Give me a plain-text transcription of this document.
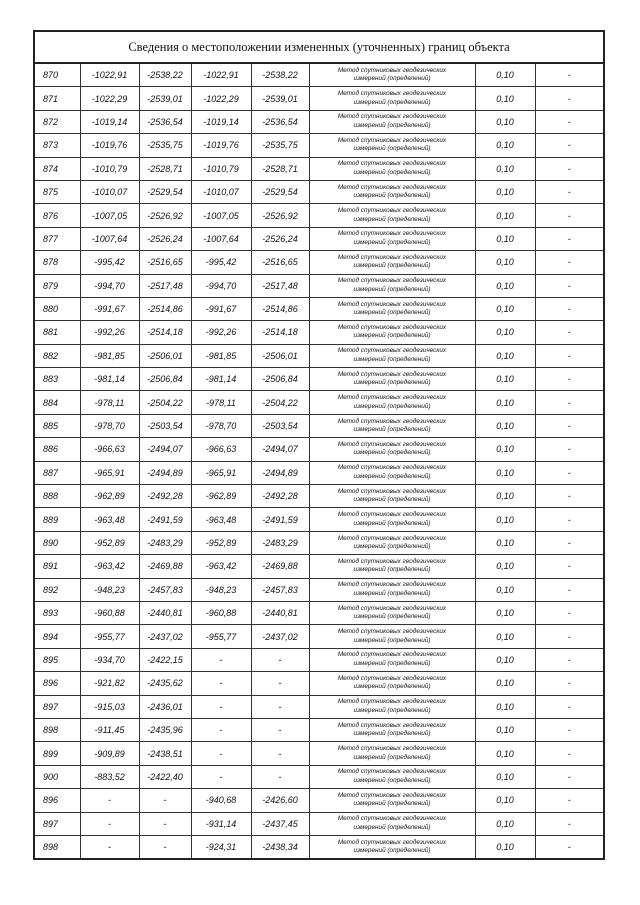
Сведения о местоположении измененных (уточненных) границ объекта							
870	-1022,91	-2538,22	-1022,91	-2538,22	Метод спутниковых геодезических
измерений (определений)	0,10	-
871	-1022,29	-2539,01	-1022,29	-2539,01	Метод спутниковых геодезических
измерений (определений)	0,10	-
872	-1019,14	-2536,54	-1019,14	-2536,54	Метод спутниковых геодезических
измерений (определений)	0,10	-
873	-1019,76	-2535,75	-1019,76	-2535,75	Метод спутниковых геодезических
измерений (определений)	0,10	-
874	-1010,79	-2528,71	-1010,79	-2528,71	Метод спутниковых геодезических
измерений (определений)	0,10	-
875	-1010,07	-2529,54	-1010,07	-2529,54	Метод спутниковых геодезических
измерений (определений)	0,10	-
876	-1007,05	-2526,92	-1007,05	-2526,92	Метод спутниковых геодезических
измерений (определений)	0,10	-
877	-1007,64	-2526,24	-1007,64	-2526,24	Метод спутниковых геодезических
измерений (определений)	0,10	-
878	-995,42	-2516,65	-995,42	-2516,65	Метод спутниковых геодезических
измерений (определений)	0,10	-
879	-994,70	-2517,48	-994,70	-2517,48	Метод спутниковых геодезических
измерений (определений)	0,10	-
880	-991,67	-2514,86	-991,67	-2514,86	Метод спутниковых геодезических
измерений (определений)	0,10	-
881	-992,26	-2514,18	-992,26	-2514,18	Метод спутниковых геодезических
измерений (определений)	0,10	-
882	-981,85	-2506,01	-981,85	-2506,01	Метод спутниковых геодезических
измерений (определений)	0,10	-
883	-981,14	-2506,84	-981,14	-2506,84	Метод спутниковых геодезических
измерений (определений)	0,10	-
884	-978,11	-2504,22	-978,11	-2504,22	Метод спутниковых геодезических
измерений (определений)	0,10	-
885	-978,70	-2503,54	-978,70	-2503,54	Метод спутниковых геодезических
измерений (определений)	0,10	-
886	-966,63	-2494,07	-966,63	-2494,07	Метод спутниковых геодезических
измерений (определений)	0,10	-
887	-965,91	-2494,89	-965,91	-2494,89	Метод спутниковых геодезических
измерений (определений)	0,10	-
888	-962,89	-2492,28	-962,89	-2492,28	Метод спутниковых геодезических
измерений (определений)	0,10	-
889	-963,48	-2491,59	-963,48	-2491,59	Метод спутниковых геодезических
измерений (определений)	0,10	-
890	-952,89	-2483,29	-952,89	-2483,29	Метод спутниковых геодезических
измерений (определений)	0,10	-
891	-963,42	-2469,88	-963,42	-2469,88	Метод спутниковых геодезических
измерений (определений)	0,10	-
892	-948,23	-2457,83	-948,23	-2457,83	Метод спутниковых геодезических
измерений (определений)	0,10	-
893	-960,88	-2440,81	-960,88	-2440,81	Метод спутниковых геодезических
измерений (определений)	0,10	-
894	-955,77	-2437,02	-955,77	-2437,02	Метод спутниковых геодезических
измерений (определений)	0,10	-
895	-934,70	-2422,15	-	-	Метод спутниковых геодезических
измерений (определений)	0,10	-
896	-921,82	-2435,62	-	-	Метод спутниковых геодезических
измерений (определений)	0,10	-
897	-915,03	-2436,01	-	-	Метод спутниковых геодезических
измерений (определений)	0,10	-
898	-911,45	-2435,96	-	-	Метод спутниковых геодезических
измерений (определений)	0,10	-
899	-909,89	-2438,51	-	-	Метод спутниковых геодезических
измерений (определений)	0,10	-
900	-883,52	-2422,40	-	-	Метод спутниковых геодезических
измерений (определений)	0,10	-
896	-	-	-940,68	-2426,60	Метод спутниковых геодезических
измерений (определений)	0,10	-
897	-	-	-931,14	-2437,45	Метод спутниковых геодезических
измерений (определений)	0,10	-
898	-	-	-924,31	-2438,34	Метод спутниковых геодезических
измерений (определений)	0,10	-
